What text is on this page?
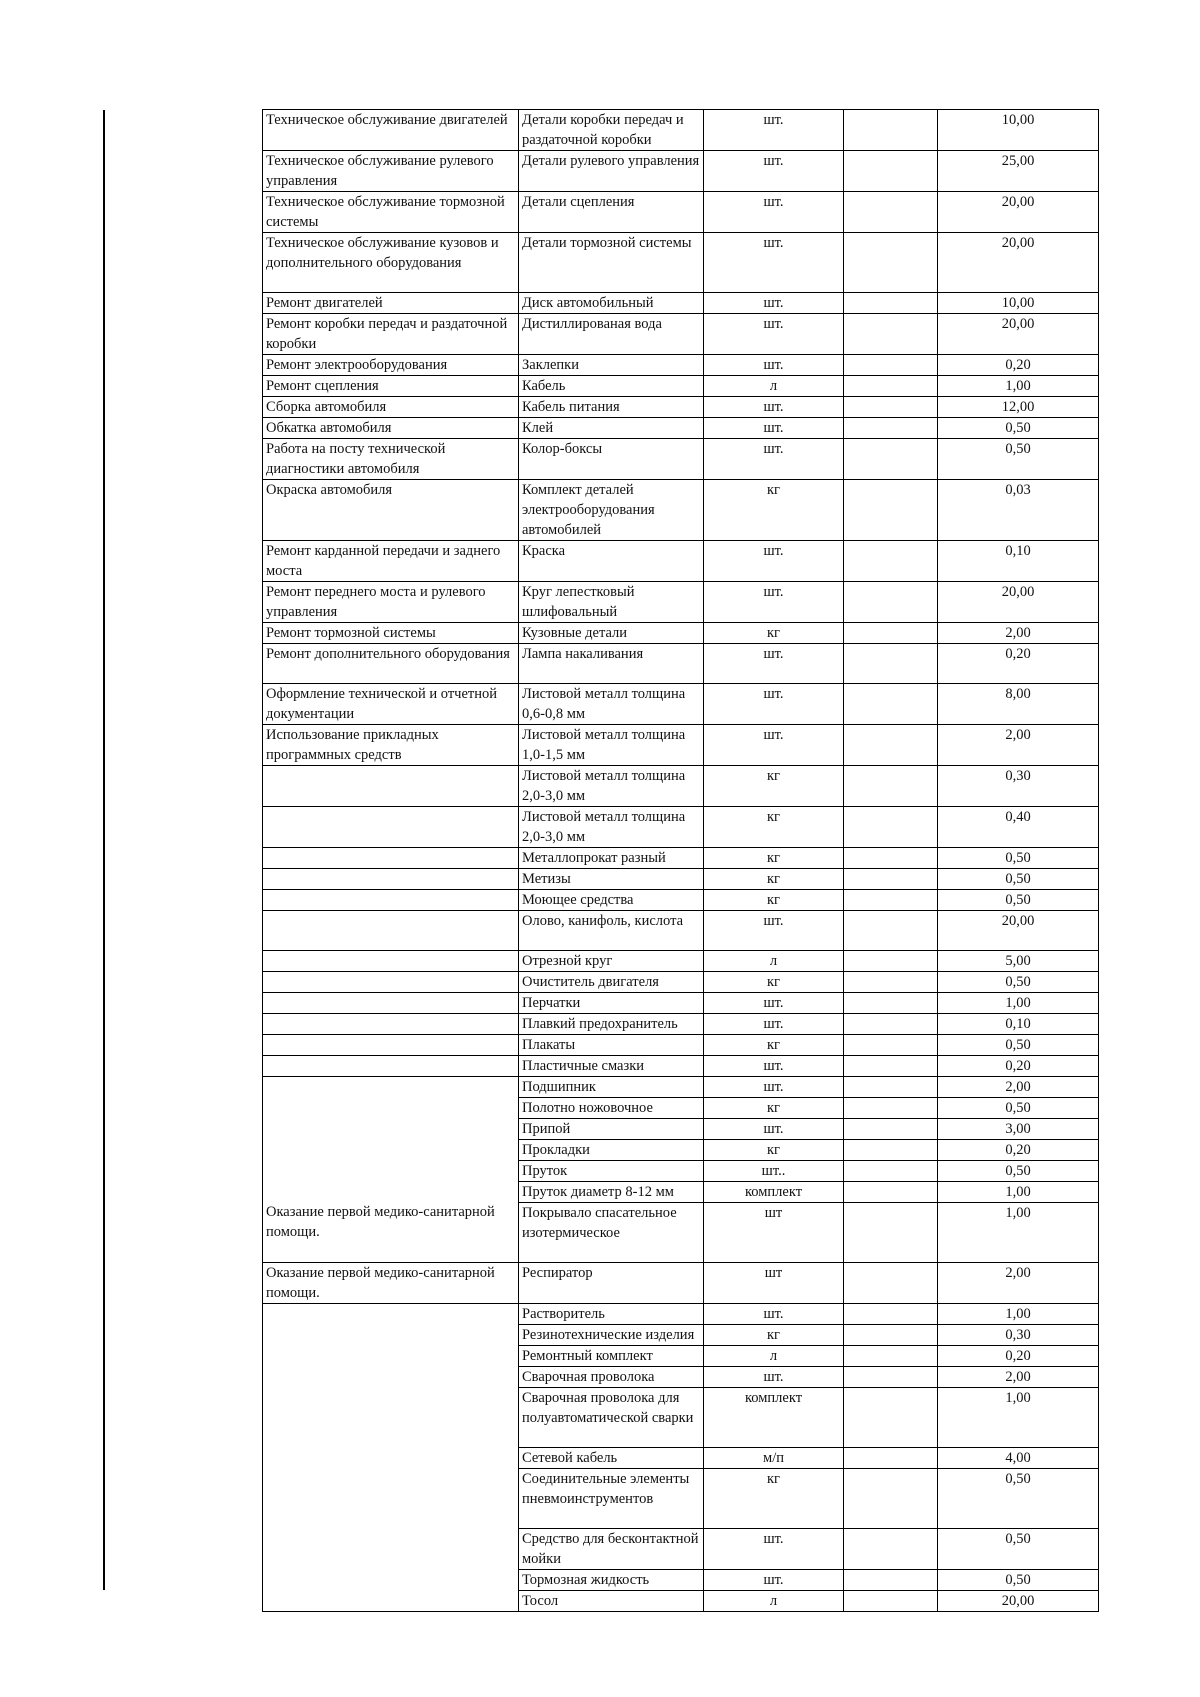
Техническое обслуживание двигателей	Детали коробки передач и раздаточной коробки	шт.		10,00
Техническое обслуживание рулевого управления	Детали рулевого управления	шт.		25,00
Техническое обслуживание тормозной системы	Детали сцепления	шт.		20,00
Техническое обслуживание кузовов и дополнительного оборудования	Детали тормозной системы	шт.		20,00
Ремонт двигателей	Диск автомобильный	шт.		10,00
Ремонт коробки передач и раздаточной коробки	Дистиллированая вода	шт.		20,00
Ремонт электрооборудования	Заклепки	шт.		0,20
Ремонт сцепления	Кабель	л		1,00
Сборка автомобиля	Кабель питания	шт.		12,00
Обкатка автомобиля	Клей	шт.		0,50
Работа на посту технической диагностики автомобиля	Колор-боксы	шт.		0,50
Окраска автомобиля	Комплект деталей электрооборудования автомобилей	кг		0,03
Ремонт карданной передачи и заднего моста	Краска	шт.		0,10
Ремонт переднего моста и рулевого управления	Круг лепестковый шлифовальный	шт.		20,00
Ремонт тормозной системы	Кузовные детали	кг		2,00
Ремонт дополнительного оборудования	Лампа накаливания	шт.		0,20
Оформление технической и отчетной документации	Листовой металл толщина 0,6-0,8 мм	шт.		8,00
Использование прикладных программных средств	Листовой металл толщина 1,0-1,5 мм	шт.		2,00
	Листовой металл толщина 2,0-3,0 мм	кг		0,30
	Листовой металл толщина 2,0-3,0 мм	кг		0,40
	Металлопрокат разный	кг		0,50
	Метизы	кг		0,50
	Моющее средства	кг		0,50
	Олово, канифоль, кислота	шт.		20,00
	Отрезной круг	л		5,00
	Очиститель двигателя	кг		0,50
	Перчатки	шт.		1,00
	Плавкий предохранитель	шт.		0,10
	Плакаты	кг		0,50
	Пластичные смазки	шт.		0,20
Оказание первой медико-санитарной помощи.	Подшипник	шт.		2,00
	Полотно ножовочное	кг		0,50
	Припой	шт.		3,00
	Прокладки	кг		0,20
	Пруток	шт..		0,50
	Пруток диаметр 8-12 мм	комплект		1,00
	Покрывало спасательное изотермическое	шт		1,00
Оказание первой медико-санитарной помощи.	Респиратор	шт		2,00
	Растворитель	шт.		1,00
	Резинотехнические изделия	кг		0,30
	Ремонтный комплект	л		0,20
	Сварочная проволока	шт.		2,00
	Сварочная проволока для полуавтоматической сварки	комплект		1,00
	Сетевой кабель	м/п		4,00
	Соединительные элементы пневмоинструментов	кг		0,50
	Средство для бесконтактной мойки	шт.		0,50
	Тормозная жидкость	шт.		0,50
	Тосол	л		20,00
